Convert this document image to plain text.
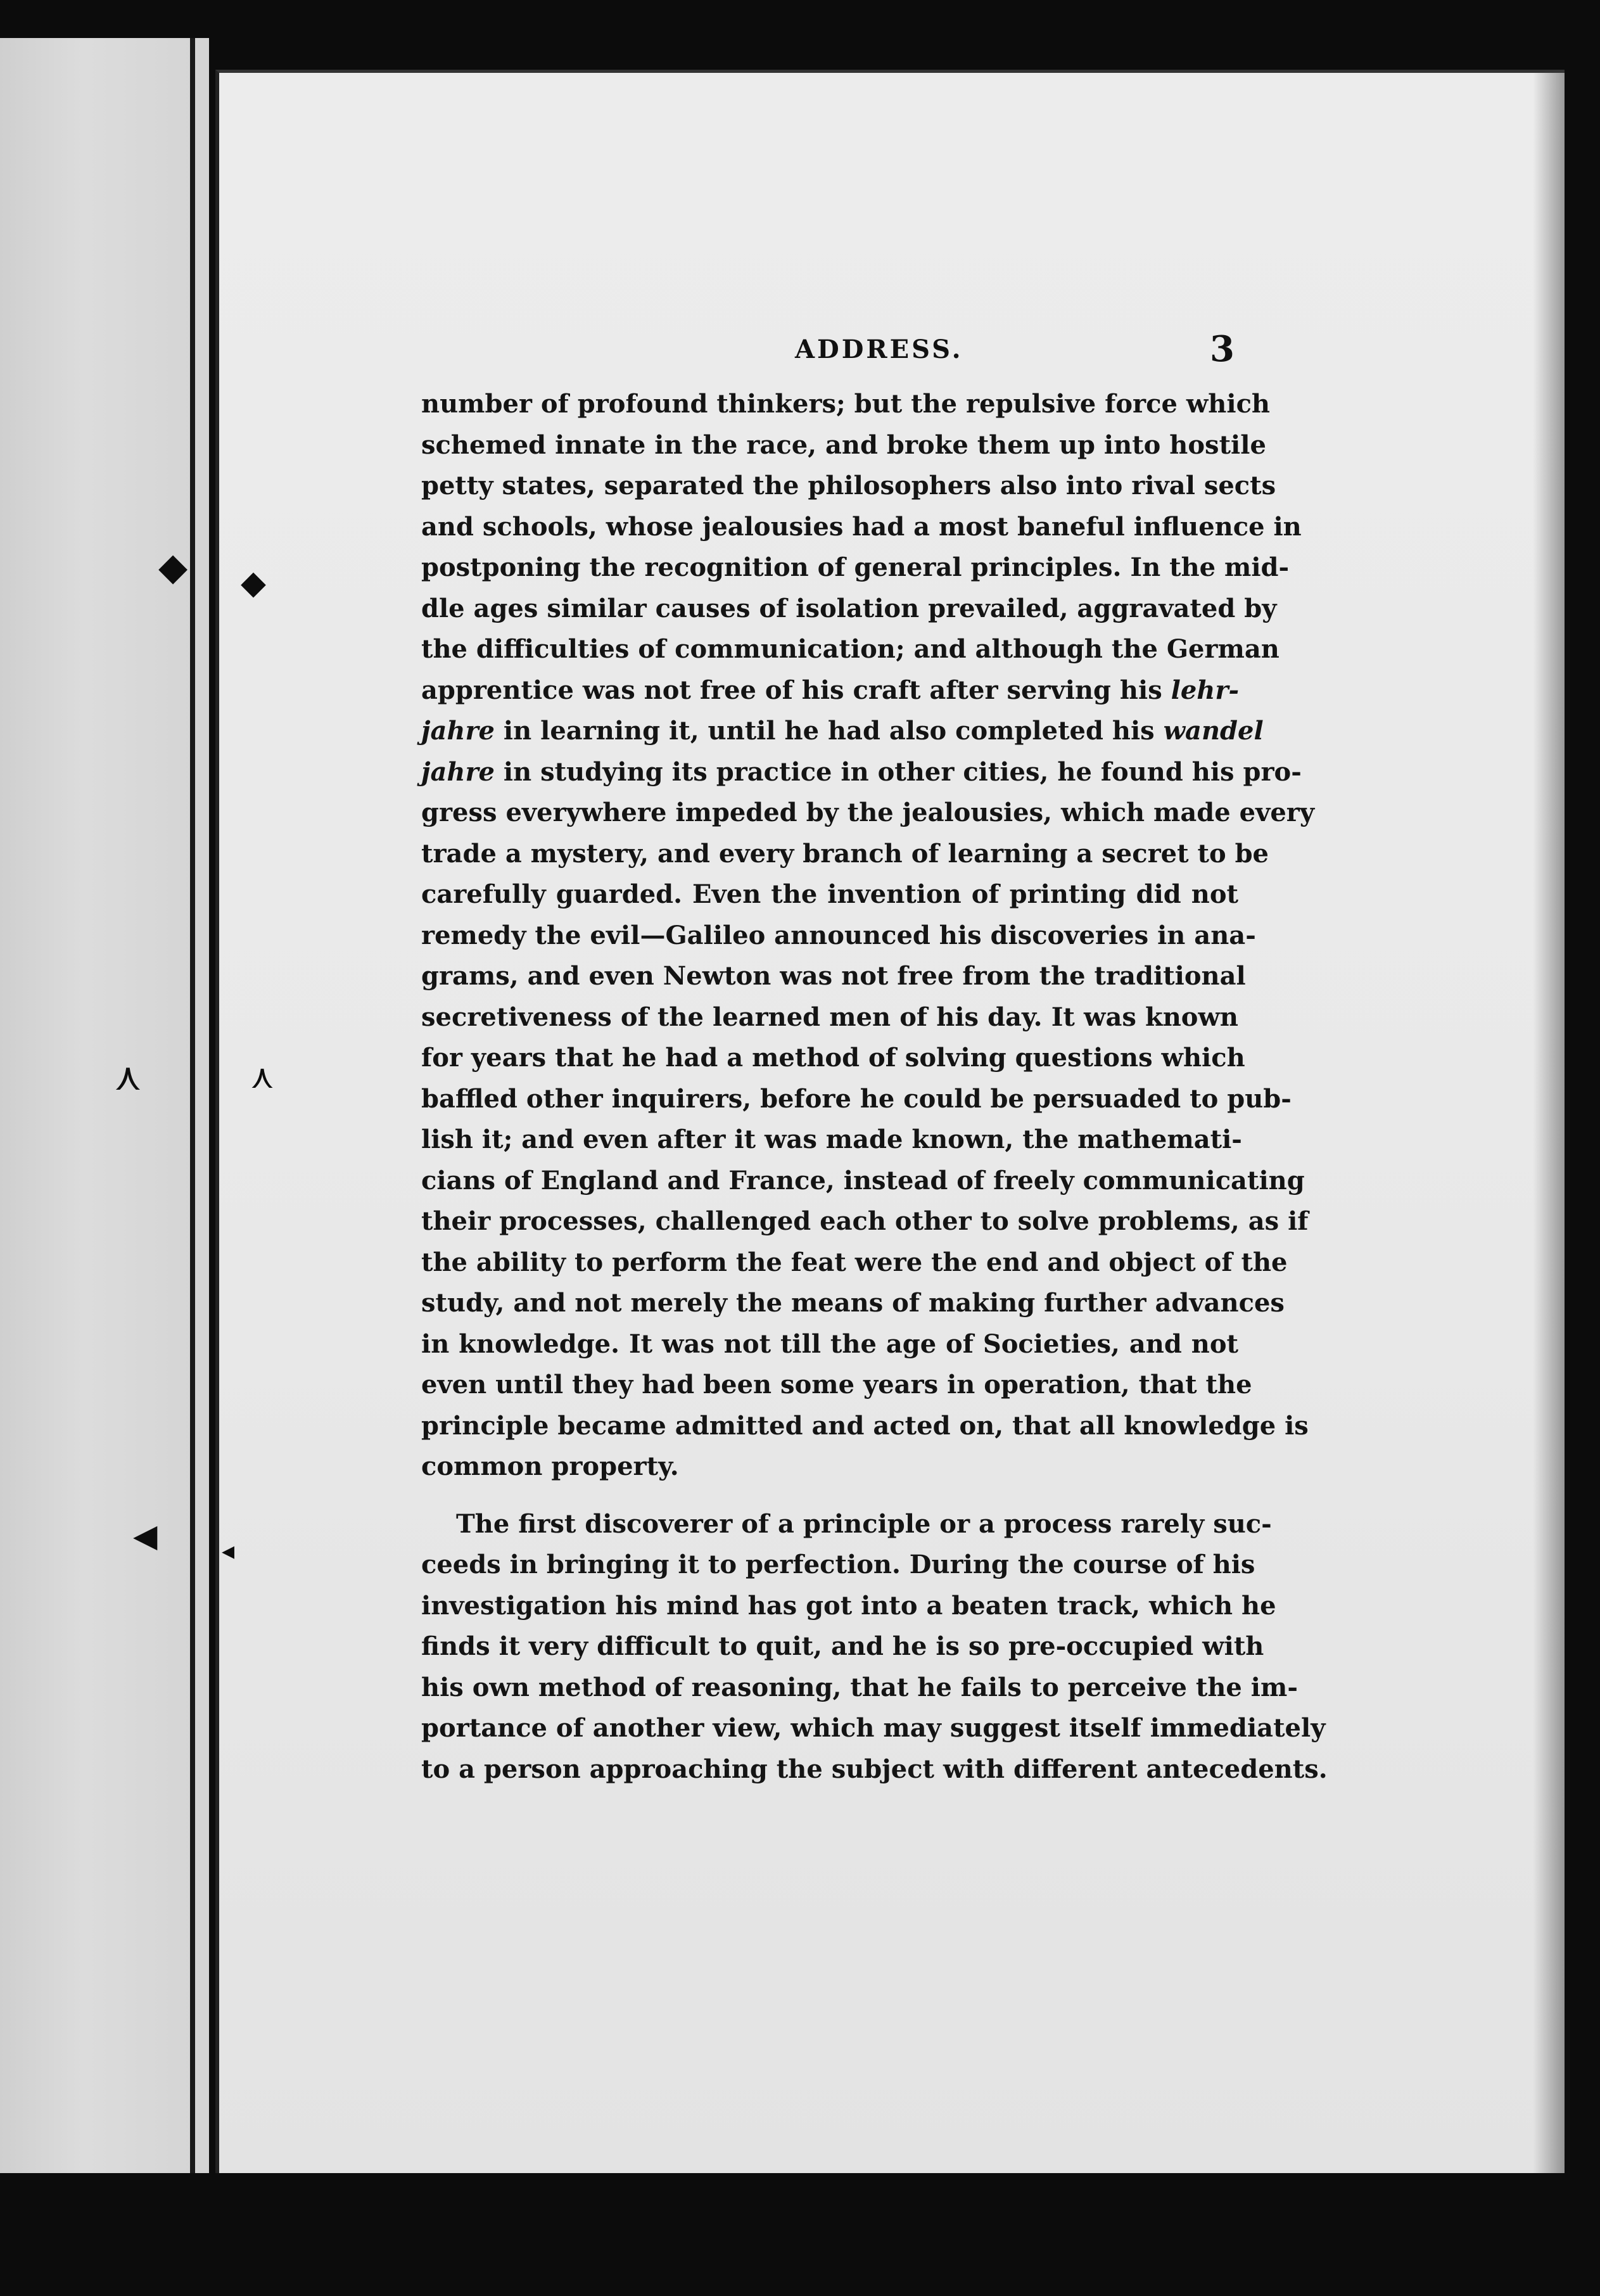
◆
⋏
◀
◆
⋏
◂
ADDRESS.	3
number of profound thinkers; but the repulsive force which
schemed innate in the race, and broke them up into hostile
petty states, separated the philosophers also into rival sects
and schools, whose jealousies had a most baneful influence in
postponing the recognition of general principles. In the mid-
dle ages similar causes of isolation prevailed, aggravated by
the difficulties of communication; and although the German
apprentice was not free of his craft after serving his lehr-
jahre in learning it, until he had also completed his wandel
jahre in studying its practice in other cities, he found his pro-
gress everywhere impeded by the jealousies, which made every
trade a mystery, and every branch of learning a secret to be
carefully guarded. Even the invention of printing did not
remedy the evil—Galileo announced his discoveries in ana-
grams, and even Newton was not free from the traditional
secretiveness of the learned men of his day. It was known
for years that he had a method of solving questions which
baffled other inquirers, before he could be persuaded to pub-
lish it; and even after it was made known, the mathemati-
cians of England and France, instead of freely communicating
their processes, challenged each other to solve problems, as if
the ability to perform the feat were the end and object of the
study, and not merely the means of making further advances
in knowledge. It was not till the age of Societies, and not
even until they had been some years in operation, that the
principle became admitted and acted on, that all knowledge is
common property.
The first discoverer of a principle or a process rarely suc-
ceeds in bringing it to perfection. During the course of his
investigation his mind has got into a beaten track, which he
finds it very difficult to quit, and he is so pre-occupied with
his own method of reasoning, that he fails to perceive the im-
portance of another view, which may suggest itself immediately
to a person approaching the subject with different antecedents.
